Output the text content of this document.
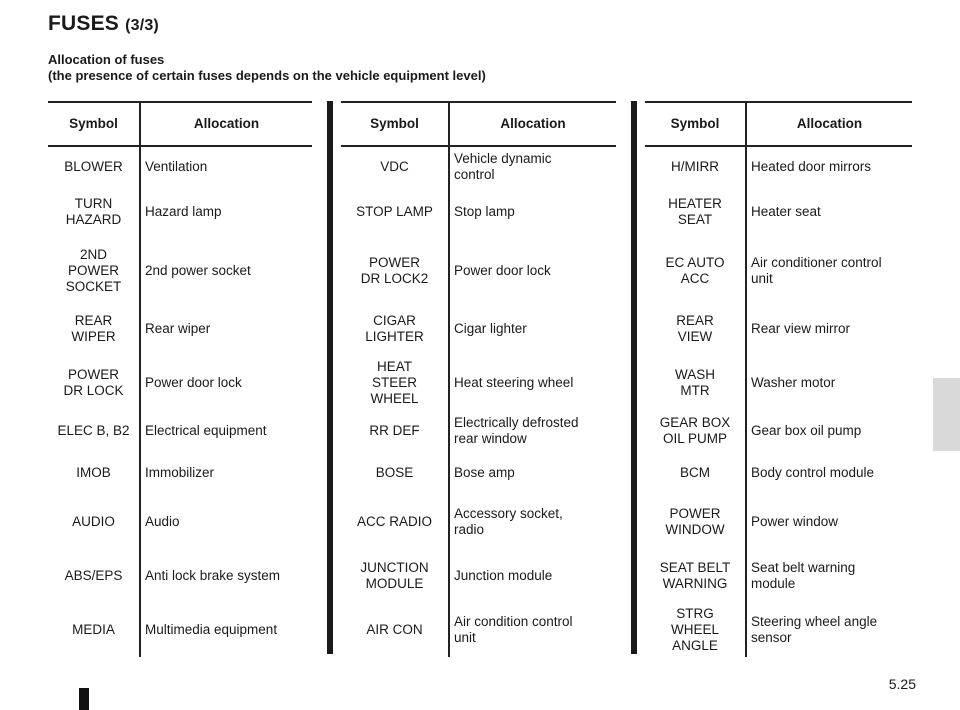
FUSES (3/3)
Allocation of fuses
(the presence of certain fuses depends on the vehicle equipment level)
Symbol	Allocation

BLOWER	Ventilation

TURN
HAZARD	Hazard lamp

2ND
POWER
SOCKET	2nd power socket

REAR
WIPER	Rear wiper

POWER
DR LOCK	Power door lock

ELEC B, B2	Electrical equipment

IMOB	Immobilizer

AUDIO	Audio

ABS/EPS	Anti lock brake system

MEDIA	Multimedia equipment
Symbol	Allocation

VDC	Vehicle dynamic
control

STOP LAMP	Stop lamp

POWER
DR LOCK2	Power door lock

CIGAR
LIGHTER	Cigar lighter

HEAT
STEER
WHEEL	Heat steering wheel

RR DEF	Electrically defrosted
rear window

BOSE	Bose amp

ACC RADIO	Accessory socket,
radio

JUNCTION
MODULE	Junction module

AIR CON	Air condition control
unit
Symbol	Allocation

H/MIRR	Heated door mirrors

HEATER
SEAT	Heater seat

EC AUTO
ACC	Air conditioner control
unit

REAR
VIEW	Rear view mirror

WASH
MTR	Washer motor

GEAR BOX
OIL PUMP	Gear box oil pump

BCM	Body control module

POWER
WINDOW	Power window

SEAT BELT
WARNING	Seat belt warning
module

STRG
WHEEL
ANGLE	Steering wheel angle
sensor
5.25
